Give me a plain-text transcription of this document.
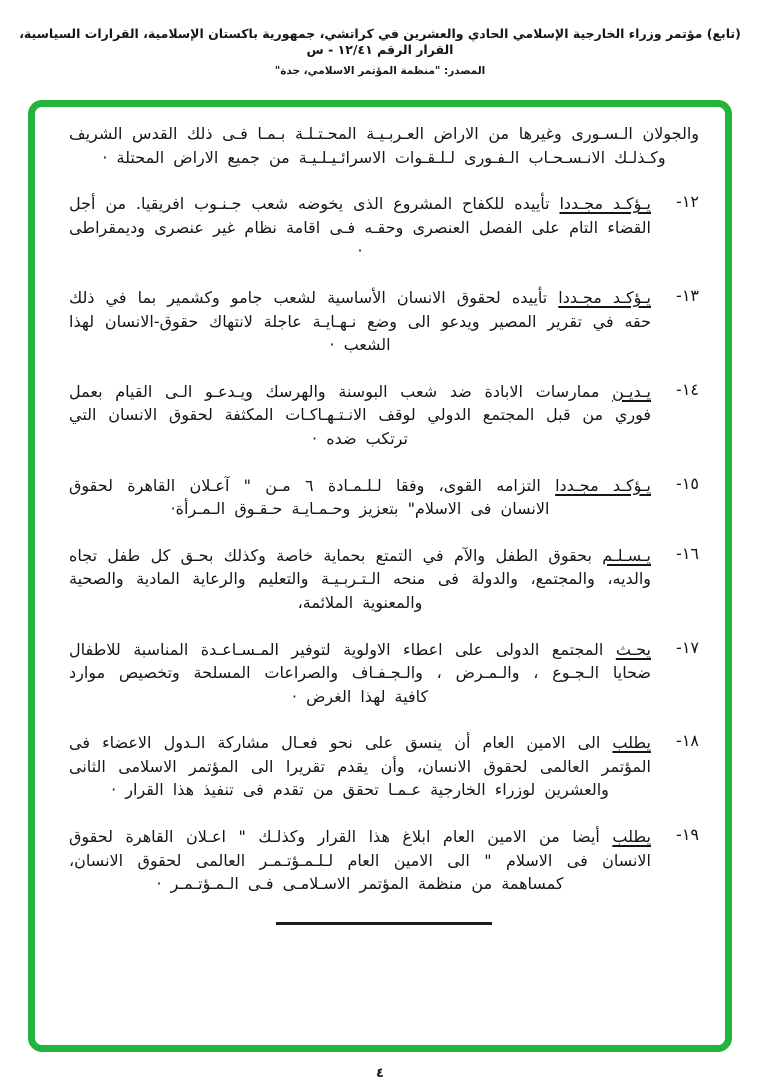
(تابع) مؤتمر وزراء الخارجية الإسلامي الحادي والعشرين في كراتشي، جمهورية باكستان الإسلامية، القرارات السياسية، القرار الرقم ١٢/٤١ - س
المصدر: "منظمة المؤتمر الاسلامي، جدة"

والجولان الـسـورى وغيرها من الاراض العـربـيـة المحـتـلـة بـمـا فـى ذلك القدس الشريف وكـذلـك الانـسـحـاب الـفـورى لـلـقـوات الاسرائـيـلـيـة من جميع الاراض المحتلة ·

١٢-

يـؤكـد مجـددا تأييده للكفاح المشروع الذى يخوضه شعب جـنـوب افريقيا. من أجل القضاء التام على الفصل العنصرى وحقـه فـى اقامة نظام غير عنصرى وديمقراطى ·

١٣-

يـؤكـد مجـددا تأييده لحقوق الانسان الأساسية لشعب جامو وكشمير بما في ذلك حقه في تقرير المصير ويدعو الى وضع نـهـايـة عاجلة لانتهاك حقوق-الانسان لهذا الشعب ·

١٤-

يـديـن ممارسات الابادة ضد شعب البوسنة والهرسك ويـدعـو الـى القيام بعمل فوري من قبل المجتمع الدولي لوقف الانـتـهـاكـات المكثفة لحقوق الانسان التي ترتكب ضده ·

١٥-

يـؤكـد مجـددا التزامه القوى، وفقا لـلـمـادة ٦ مـن " آعـلان القاهرة لحقوق الانسان فى الاسلام" بتعزيز وحـمـايـة حـقـوق الـمـرأة·

١٦-

يـسـلـم بحقوق الطفل والآم في التمتع بحماية خاصة وكذلك بحـق كل طفل تجاه والديه، والمجتمع، والدولة فى منحه الـتـربـيـة والتعليم والرعاية المادية والصحية والمعنوية الملائمة،

١٧-

يحـث المجتمع الدولى على اعطاء الاولوية لتوفير المـسـاعـدة المناسبة للاطفال ضحايا الـجـوع ، والـمـرض ، والـجـفـاف والصراعات المسلحة وتخصيص موارد كافية لهذا الغرض ·

١٨-

يطلب الى الامين العام أن ينسق على نحو فعـال مشاركة الـدول الاعضاء فى المؤتمر العالمى لحقوق الانسان، وأن يقدم تقريرا الى المؤتمر الاسلامى الثانى والعشرين لوزراء الخارجية عـمـا تحقق من تقدم فى تنفيذ هذا القرار ·

١٩-

يطلب أيضا من الامين العام ابلاغ هذا القرار وكذلـك " اعـلان القاهرة لحقوق الانسان فى الاسلام " الى الامين العام لـلـمـؤتـمـر العالمى لحقوق الانسان، كمساهمة من منظمة المؤتمر الاسـلامـى فـى الـمـؤتـمـر ·

٤
